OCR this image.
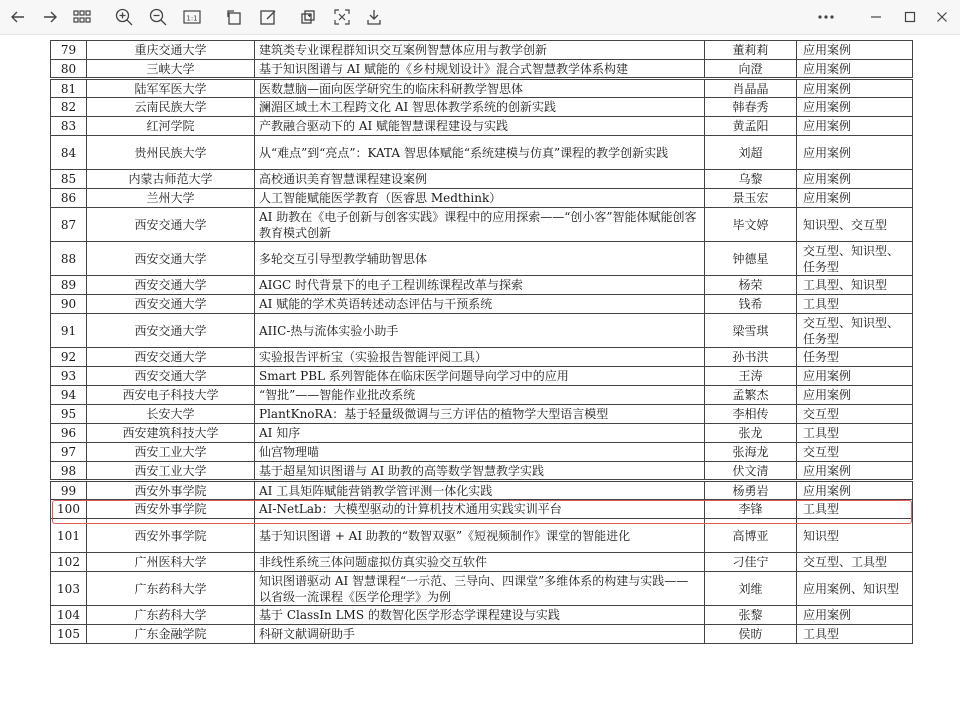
1:1
79	重庆交通大学	建筑类专业课程群知识交互案例智慧体应用与教学创新	董莉莉	应用案例
80	三峡大学	基于知识图谱与 AI 赋能的《乡村规划设计》混合式智慧教学体系构建	向澄	应用案例
81	陆军军医大学	医数慧脑—面向医学研究生的临床科研教学智思体	肖晶晶	应用案例
82	云南民族大学	澜湄区域土木工程跨文化 AI 智思体教学系统的创新实践	韩春秀	应用案例
83	红河学院	产教融合驱动下的 AI 赋能智慧课程建设与实践	黄孟阳	应用案例
84	贵州民族大学	从“难点”到“亮点”：KATA 智思体赋能“系统建模与仿真”课程的教学创新实践	刘超	应用案例
85	内蒙古师范大学	高校通识美育智慧课程建设案例	乌黎	应用案例
86	兰州大学	人工智能赋能医学教育（医睿思 Medthink）	景玉宏	应用案例
87	西安交通大学	AI 助教在《电子创新与创客实践》课程中的应用探索——“创小客”智能体赋能创客教育模式创新	毕文婷	知识型、交互型
88	西安交通大学	多轮交互引导型教学辅助智思体	钟德星	交互型、知识型、任务型
89	西安交通大学	AIGC 时代背景下的电子工程训练课程改革与探索	杨荣	工具型、知识型
90	西安交通大学	AI 赋能的学术英语转述动态评估与干预系统	钱希	工具型
91	西安交通大学	AIIC-热与流体实验小助手	梁雪琪	交互型、知识型、任务型
92	西安交通大学	实验报告评析宝（实验报告智能评阅工具）	孙书洪	任务型
93	西安交通大学	Smart PBL 系列智能体在临床医学问题导向学习中的应用	王涛	应用案例
94	西安电子科技大学	“智批”——智能作业批改系统	孟繁杰	应用案例
95	长安大学	PlantKnoRA：基于轻量级微调与三方评估的植物学大型语言模型	李相传	交互型
96	西安建筑科技大学	AI 知序	张龙	工具型
97	西安工业大学	仙宫物理喵	张海龙	交互型
98	西安工业大学	基于超星知识图谱与 AI 助教的高等数学智慧教学实践	伏文清	应用案例
99	西安外事学院	AI 工具矩阵赋能营销教学管评测一体化实践	杨勇岩	应用案例
100	西安外事学院	AI-NetLab：大模型驱动的计算机技术通用实践实训平台	李锋	工具型
101	西安外事学院	基于知识图谱 + AI 助教的“数智双驱”《短视频制作》课堂的智能进化	高博亚	知识型
102	广州医科大学	非线性系统三体问题虚拟仿真实验交互软件	刁佳宁	交互型、工具型
103	广东药科大学	知识图谱驱动 AI 智慧课程“一示范、三导向、四课堂”多维体系的构建与实践——以省级一流课程《医学伦理学》为例	刘维	应用案例、知识型
104	广东药科大学	基于 ClassIn LMS 的数智化医学形态学课程建设与实践	张黎	应用案例
105	广东金融学院	科研文献调研助手	侯昉	工具型
